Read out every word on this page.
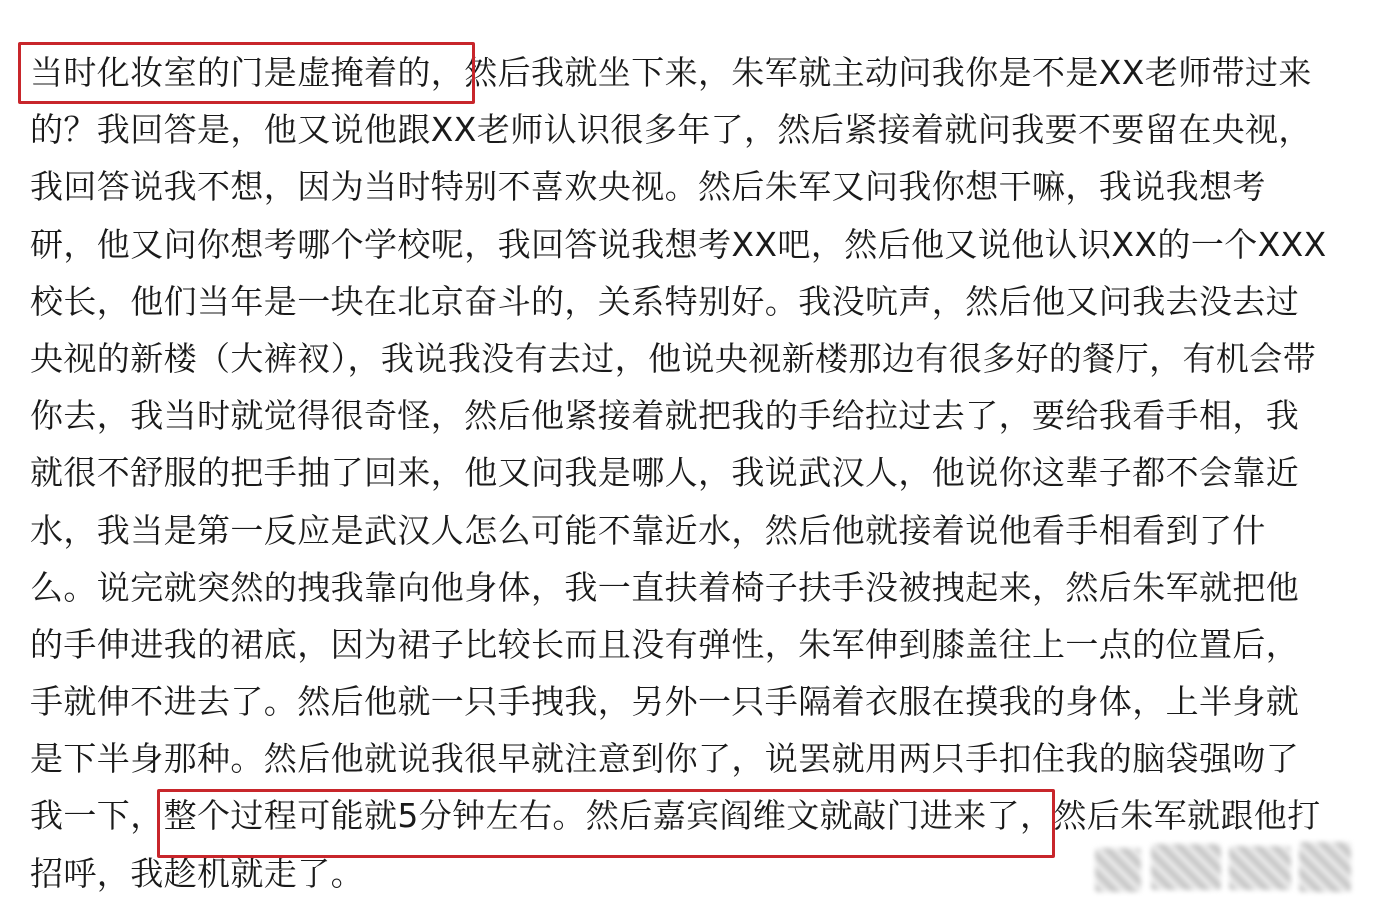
当时化妆室的门是虚掩着的，然后我就坐下来，朱军就主动问我你是不是XX老师带过来
的？我回答是，他又说他跟XX老师认识很多年了，然后紧接着就问我要不要留在央视，
我回答说我不想，因为当时特别不喜欢央视。然后朱军又问我你想干嘛，我说我想考
研，他又问你想考哪个学校呢，我回答说我想考XX吧，然后他又说他认识XX的一个XXX
校长，他们当年是一块在北京奋斗的，关系特别好。我没吭声，然后他又问我去没去过
央视的新楼（大裤衩），我说我没有去过，他说央视新楼那边有很多好的餐厅，有机会带
你去，我当时就觉得很奇怪，然后他紧接着就把我的手给拉过去了，要给我看手相，我
就很不舒服的把手抽了回来，他又问我是哪人，我说武汉人，他说你这辈子都不会靠近
水，我当是第一反应是武汉人怎么可能不靠近水，然后他就接着说他看手相看到了什
么。说完就突然的拽我靠向他身体，我一直扶着椅子扶手没被拽起来，然后朱军就把他
的手伸进我的裙底，因为裙子比较长而且没有弹性，朱军伸到膝盖往上一点的位置后，
手就伸不进去了。然后他就一只手拽我，另外一只手隔着衣服在摸我的身体，上半身就
是下半身那种。然后他就说我很早就注意到你了，说罢就用两只手扣住我的脑袋强吻了
我一下，整个过程可能就5分钟左右。然后嘉宾阎维文就敲门进来了，然后朱军就跟他打
招呼，我趁机就走了。
